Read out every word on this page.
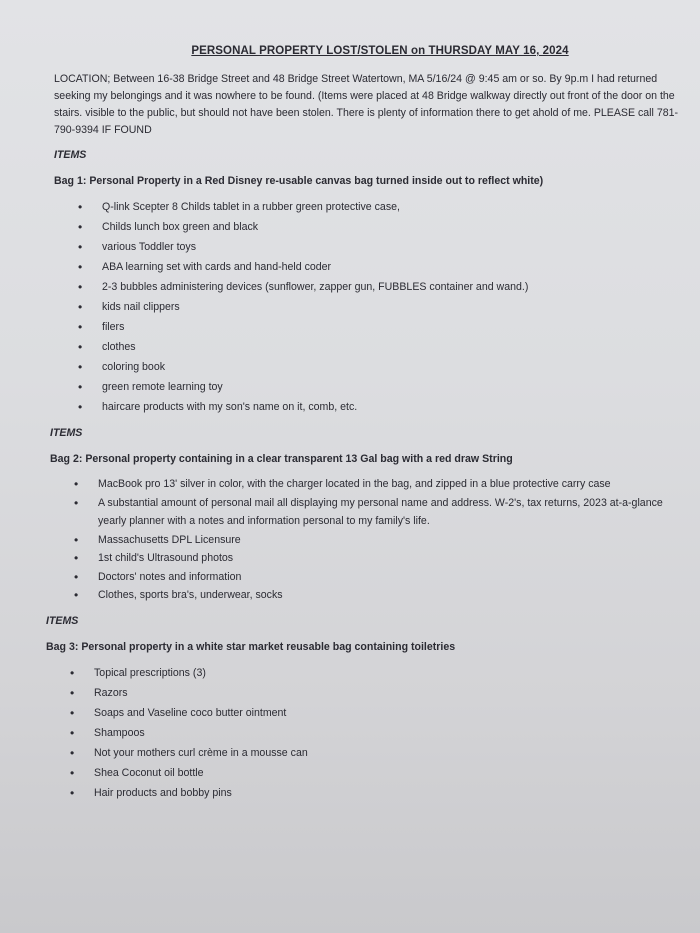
PERSONAL PROPERTY LOST/STOLEN on THURSDAY MAY 16, 2024

LOCATION; Between 16-38 Bridge Street and 48 Bridge Street Watertown, MA 5/16/24 @ 9:45 am or so. By 9p.m I had returned seeking my belongings and it was nowhere to be found. (Items were placed at 48 Bridge walkway directly out front of the door on the stairs. visible to the public, but should not have been stolen. There is plenty of information there to get ahold of me. PLEASE call 781-790-9394 IF FOUND

ITEMS
Bag 1: Personal Property in a Red Disney re-usable canvas bag turned inside out to reflect white)
• Q-link Scepter 8 Childs tablet in a rubber green protective case,
• Childs lunch box green and black
• various Toddler toys
• ABA learning set with cards and hand-held coder
• 2-3 bubbles administering devices (sunflower, zapper gun, FUBBLES container and wand.)
• kids nail clippers
• filers
• clothes
• coloring book
• green remote learning toy
• haircare products with my son's name on it, comb, etc.
ITEMS
Bag 2: Personal property containing in a clear transparent 13 Gal bag with a red draw String
• MacBook pro 13' silver in color, with the charger located in the bag, and zipped in a blue protective carry case
• A substantial amount of personal mail all displaying my personal name and address. W-2's, tax returns, 2023 at-a-glance yearly planner with a notes and information personal to my family's life.
• Massachusetts DPL Licensure
• 1st child's Ultrasound photos
• Doctors' notes and information
• Clothes, sports bra's, underwear, socks
ITEMS
Bag 3: Personal property in a white star market reusable bag containing toiletries
• Topical prescriptions (3)
• Razors
• Soaps and Vaseline coco butter ointment
• Shampoos
• Not your mothers curl crème in a mousse can
• Shea Coconut oil bottle
• Hair products and bobby pins
